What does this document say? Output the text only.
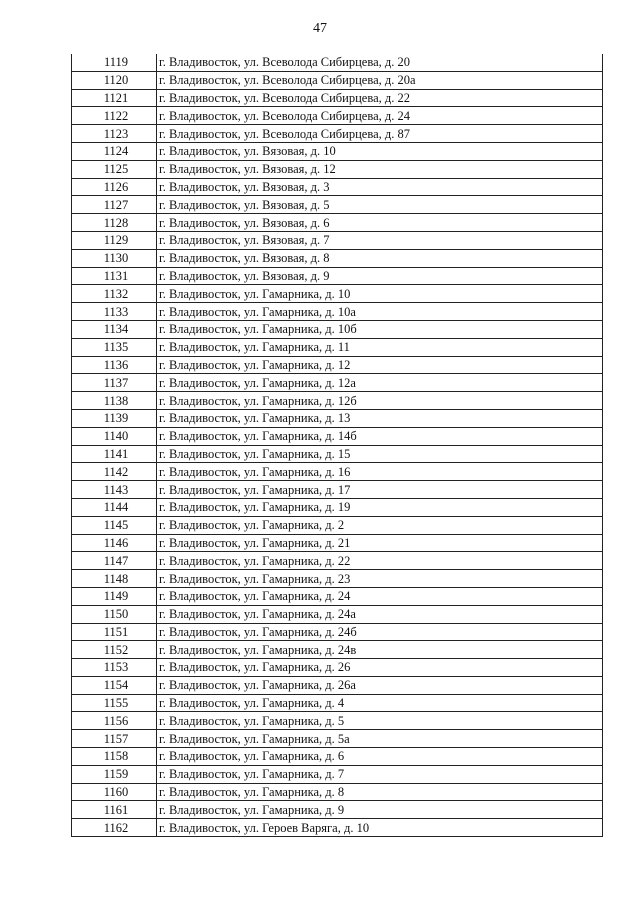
47
1119	г. Владивосток, ул. Всеволода Сибирцева, д. 20
1120	г. Владивосток, ул. Всеволода Сибирцева, д. 20а
1121	г. Владивосток, ул. Всеволода Сибирцева, д. 22
1122	г. Владивосток, ул. Всеволода Сибирцева, д. 24
1123	г. Владивосток, ул. Всеволода Сибирцева, д. 87
1124	г. Владивосток, ул. Вязовая, д. 10
1125	г. Владивосток, ул. Вязовая, д. 12
1126	г. Владивосток, ул. Вязовая, д. 3
1127	г. Владивосток, ул. Вязовая, д. 5
1128	г. Владивосток, ул. Вязовая, д. 6
1129	г. Владивосток, ул. Вязовая, д. 7
1130	г. Владивосток, ул. Вязовая, д. 8
1131	г. Владивосток, ул. Вязовая, д. 9
1132	г. Владивосток, ул. Гамарника, д. 10
1133	г. Владивосток, ул. Гамарника, д. 10а
1134	г. Владивосток, ул. Гамарника, д. 10б
1135	г. Владивосток, ул. Гамарника, д. 11
1136	г. Владивосток, ул. Гамарника, д. 12
1137	г. Владивосток, ул. Гамарника, д. 12а
1138	г. Владивосток, ул. Гамарника, д. 12б
1139	г. Владивосток, ул. Гамарника, д. 13
1140	г. Владивосток, ул. Гамарника, д. 14б
1141	г. Владивосток, ул. Гамарника, д. 15
1142	г. Владивосток, ул. Гамарника, д. 16
1143	г. Владивосток, ул. Гамарника, д. 17
1144	г. Владивосток, ул. Гамарника, д. 19
1145	г. Владивосток, ул. Гамарника, д. 2
1146	г. Владивосток, ул. Гамарника, д. 21
1147	г. Владивосток, ул. Гамарника, д. 22
1148	г. Владивосток, ул. Гамарника, д. 23
1149	г. Владивосток, ул. Гамарника, д. 24
1150	г. Владивосток, ул. Гамарника, д. 24а
1151	г. Владивосток, ул. Гамарника, д. 24б
1152	г. Владивосток, ул. Гамарника, д. 24в
1153	г. Владивосток, ул. Гамарника, д. 26
1154	г. Владивосток, ул. Гамарника, д. 26а
1155	г. Владивосток, ул. Гамарника, д. 4
1156	г. Владивосток, ул. Гамарника, д. 5
1157	г. Владивосток, ул. Гамарника, д. 5а
1158	г. Владивосток, ул. Гамарника, д. 6
1159	г. Владивосток, ул. Гамарника, д. 7
1160	г. Владивосток, ул. Гамарника, д. 8
1161	г. Владивосток, ул. Гамарника, д. 9
1162	г. Владивосток, ул. Героев Варяга, д. 10
